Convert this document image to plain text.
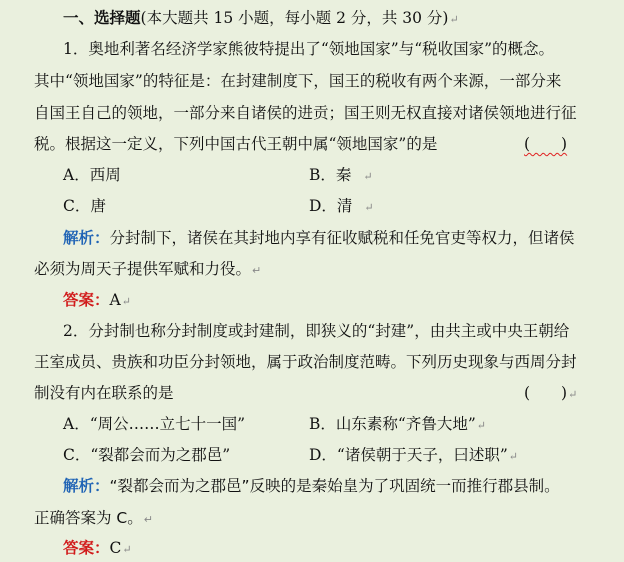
一、选择题(本大题共 15 小题，每小题 2 分，共 30 分)↵
1．奥地利著名经济学家熊彼特提出了“领地国家”与“税收国家”的概念。
其中“领地国家”的特征是：在封建制度下，国王的税收有两个来源，一部分来
自国王自己的领地，一部分来自诸侯的进贡；国王则无权直接对诸侯领地进行征
税。根据这一定义，下列中国古代王朝中属“领地国家”的是	(　　)
A．西周	B．秦　↵
C．唐	D．清　↵
解析：分封制下，诸侯在其封地内享有征收赋税和任免官吏等权力，但诸侯
必须为周天子提供军赋和力役。↵
答案：A↵
2．分封制也称分封制度或封建制，即狭义的“封建”，由共主或中央王朝给
王室成员、贵族和功臣分封领地，属于政治制度范畴。下列历史现象与西周分封
制没有内在联系的是	(　　)↵
A．“周公……立七十一国”	B．山东素称“齐鲁大地”↵
C．“裂都会而为之郡邑”	D．“诸侯朝于天子，曰述职”↵
解析：“裂都会而为之郡邑”反映的是秦始皇为了巩固统一而推行郡县制。
正确答案为 C。↵
答案：C↵
